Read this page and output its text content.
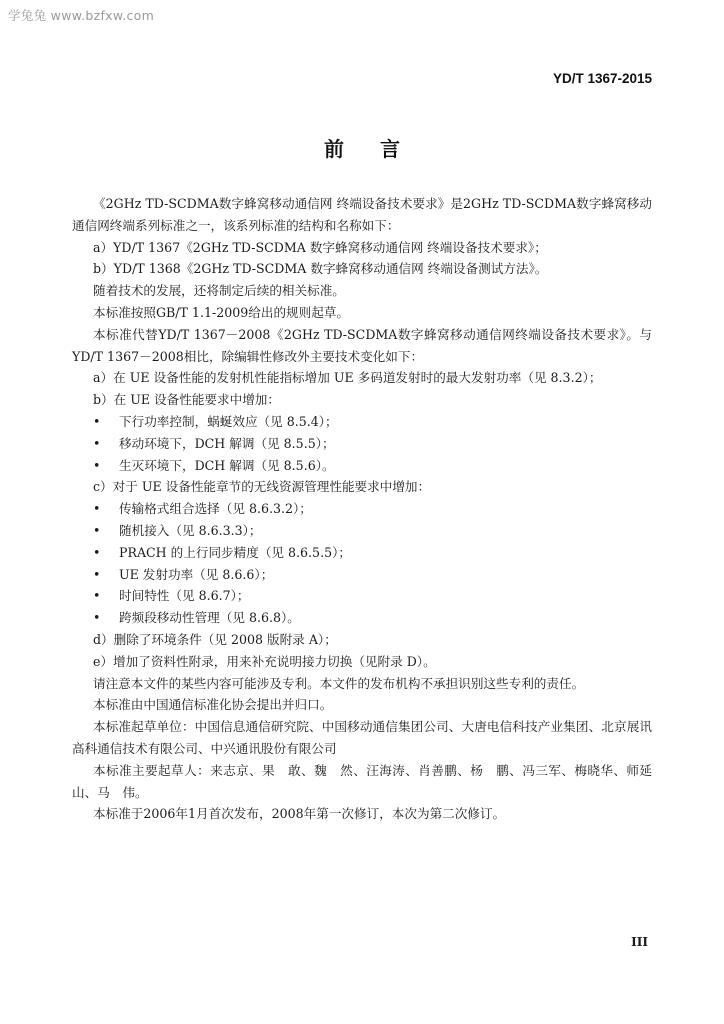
学兔兔 www.bzfxw.com
YD/T 1367-2015
前言

《2GHz TD-SCDMA数字蜂窝移动通信网 终端设备技术要求》是2GHz TD-SCDMA数字蜂窝移动通信网终端系列标准之一，该系列标准的结构和名称如下：

a）YD/T 1367《2GHz TD-SCDMA 数字蜂窝移动通信网 终端设备技术要求》；

b）YD/T 1368《2GHz TD-SCDMA 数字蜂窝移动通信网 终端设备测试方法》。

随着技术的发展，还将制定后续的相关标准。

本标准按照GB/T 1.1-2009给出的规则起草。

本标准代替YD/T 1367－2008《2GHz TD-SCDMA数字蜂窝移动通信网终端设备技术要求》。与YD/T 1367－2008相比，除编辑性修改外主要技术变化如下：

a）在 UE 设备性能的发射机性能指标增加 UE 多码道发射时的最大发射功率（见 8.3.2）；

b）在 UE 设备性能要求中增加：

• 下行功率控制，蜗蜒效应（见 8.5.4）；

• 移动环境下，DCH 解调（见 8.5.5）；

• 生灭环境下，DCH 解调（见 8.5.6）。

c）对于 UE 设备性能章节的无线资源管理性能要求中增加：

• 传输格式组合选择（见 8.6.3.2）；

• 随机接入（见 8.6.3.3）；

• PRACH 的上行同步精度（见 8.6.5.5）；

• UE 发射功率（见 8.6.6）；

• 时间特性（见 8.6.7）；

• 跨频段移动性管理（见 8.6.8）。

d）删除了环境条件（见 2008 版附录 A）；

e）增加了资料性附录，用来补充说明接力切换（见附录 D）。

请注意本文件的某些内容可能涉及专利。本文件的发布机构不承担识别这些专利的责任。

本标准由中国通信标准化协会提出并归口。

本标准起草单位：中国信息通信研究院、中国移动通信集团公司、大唐电信科技产业集团、北京展讯高科通信技术有限公司、中兴通讯股份有限公司

本标准主要起草人：来志京、果　敢、魏　然、汪海涛、肖善鹏、杨　鹏、冯三军、梅晓华、师延山、马　伟。

本标准于2006年1月首次发布，2008年第一次修订，本次为第二次修订。

III
